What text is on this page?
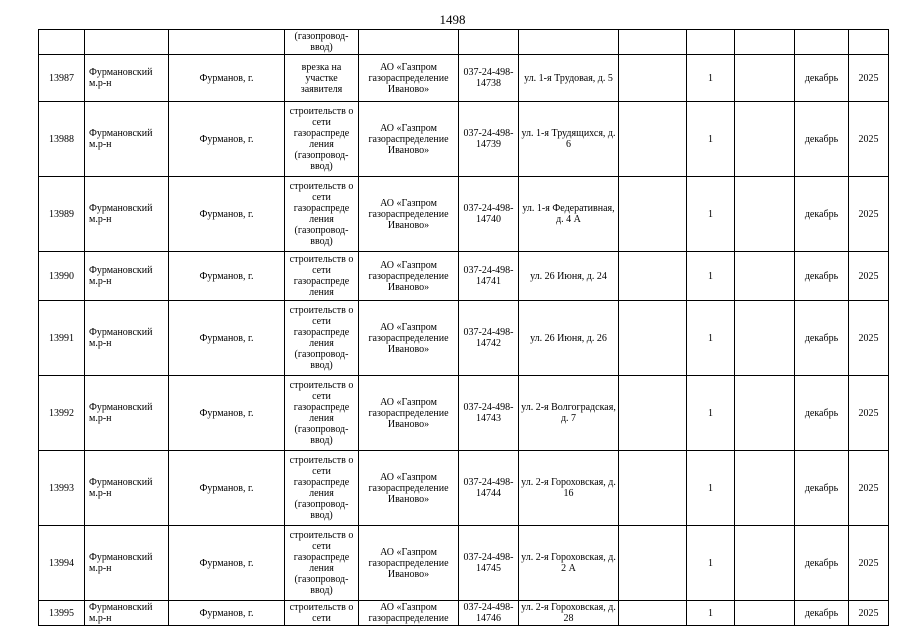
1498
			(газопровод-
ввод)								
13987	Фурмановский м.р-н	Фурманов, г.	врезка на участке заявителя	АО «Газпром газораспределение Иваново»	037-24-498-14738	ул. 1-я Трудовая, д. 5		1		декабрь	2025
13988	Фурмановский м.р-н	Фурманов, г.	строительств о сети газораспреде ления (газопровод-ввод)	АО «Газпром газораспределение Иваново»	037-24-498-14739	ул. 1-я Трудящихся, д. 6		1		декабрь	2025
13989	Фурмановский м.р-н	Фурманов, г.	строительств о сети газораспреде ления (газопровод-ввод)	АО «Газпром газораспределение Иваново»	037-24-498-14740	ул. 1-я Федеративная, д. 4 А		1		декабрь	2025
13990	Фурмановский м.р-н	Фурманов, г.	строительств о сети газораспреде ления	АО «Газпром газораспределение Иваново»	037-24-498-14741	ул. 26 Июня, д. 24		1		декабрь	2025
13991	Фурмановский м.р-н	Фурманов, г.	строительств о сети газораспреде ления (газопровод-ввод)	АО «Газпром газораспределение Иваново»	037-24-498-14742	ул. 26 Июня, д. 26		1		декабрь	2025
13992	Фурмановский м.р-н	Фурманов, г.	строительств о сети газораспреде ления (газопровод-ввод)	АО «Газпром газораспределение Иваново»	037-24-498-14743	ул. 2-я Волгоградская, д. 7		1		декабрь	2025
13993	Фурмановский м.р-н	Фурманов, г.	строительств о сети газораспреде ления (газопровод-ввод)	АО «Газпром газораспределение Иваново»	037-24-498-14744	ул. 2-я Гороховская, д. 16		1		декабрь	2025
13994	Фурмановский м.р-н	Фурманов, г.	строительств о сети газораспреде ления (газопровод-ввод)	АО «Газпром газораспределение Иваново»	037-24-498-14745	ул. 2-я Гороховская, д. 2 А		1		декабрь	2025
13995	Фурмановский м.р-н	Фурманов, г.	строительств о сети	АО «Газпром газораспределение	037-24-498-14746	ул. 2-я Гороховская, д. 28		1		декабрь	2025
